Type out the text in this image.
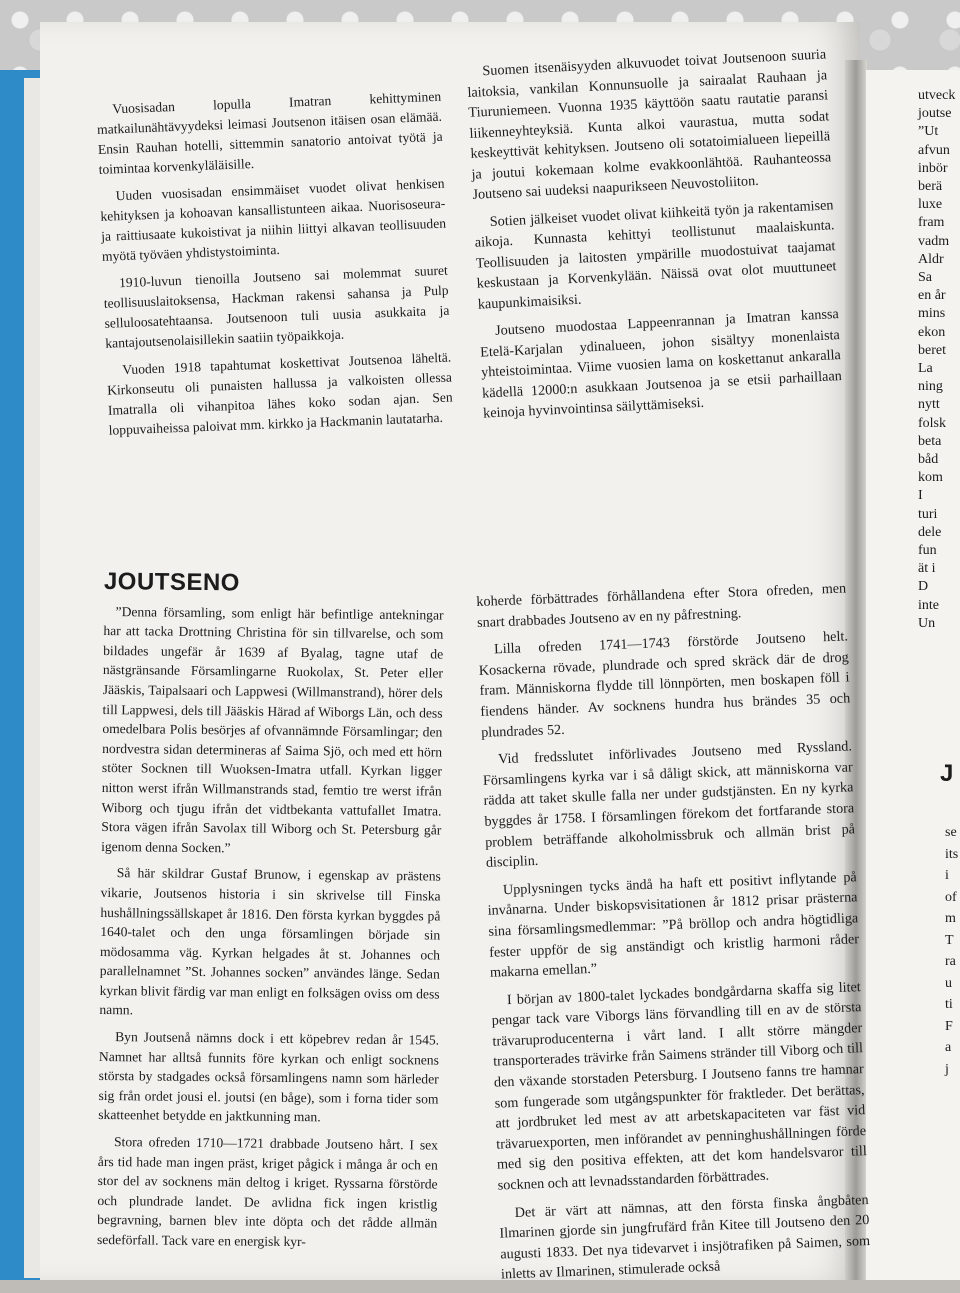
Vuosisadan lopulla Imatran kehittyminen matkailunähtävyydeksi leimasi Joutsenon itäisen osan elämää. Ensin Rauhan hotelli, sittemmin sanatorio antoivat työtä ja toimintaa korvenkyläläisille.

Uuden vuosisadan ensimmäiset vuodet olivat henkisen kehityksen ja kohoavan kansallistunteen aikaa. Nuorisoseura- ja raittiusaate kukoistivat ja niihin liittyi alkavan teollisuuden myötä työväen yhdistystoiminta.

1910-luvun tienoilla Joutseno sai molemmat suuret teollisuuslaitoksensa, Hackman rakensi sahansa ja Pulp selluloosatehtaansa. Joutsenoon tuli uusia asukkaita ja kantajoutsenolaisillekin saatiin työpaikkoja.

Vuoden 1918 tapahtumat koskettivat Joutsenoa läheltä. Kirkonseutu oli punaisten hallussa ja valkoisten ollessa Imatralla oli vihanpitoa lähes koko sodan ajan. Sen loppuvaiheissa paloivat mm. kirkko ja Hackmanin lautatarha.

Suomen itsenäisyyden alkuvuodet toivat Joutsenoon suuria laitoksia, vankilan Konnunsuolle ja sairaalat Rauhaan ja Tiuruniemeen. Vuonna 1935 käyttöön saatu rautatie paransi liikenneyhteyksiä. Kunta alkoi vaurastua, mutta sodat keskeyttivät kehityksen. Joutseno oli sotatoimialueen liepeillä ja joutui kokemaan kolme evakkoonlähtöä. Rauhanteossa Joutseno sai uudeksi naapurikseen Neuvostoliiton.

Sotien jälkeiset vuodet olivat kiihkeitä työn ja rakentamisen aikoja. Kunnasta kehittyi teollistunut maalaiskunta. Teollisuuden ja laitosten ympärille muodostuivat taajamat keskustaan ja Korvenkylään. Näissä ovat olot muuttuneet kaupunkimaisiksi.

Joutseno muodostaa Lappeenrannan ja Imatran kanssa Etelä-Karjalan ydinalueen, johon sisältyy monenlaista yhteistoimintaa. Viime vuosien lama on koskettanut ankaralla kädellä 12000:n asukkaan Joutsenoa ja se etsii parhaillaan keinoja hyvinvointinsa säilyttämiseksi.

JOUTSENO

”Denna församling, som enligt här befintlige antekningar har att tacka Drottning Christina för sin tillvarelse, och som bildades ungefär år 1639 af Byalag, tagne utaf de nästgränsande Församlingarne Ruokolax, St. Peter eller Jääskis, Taipalsaari och Lappwesi (Willmanstrand), hörer dels till Lappwesi, dels till Jääskis Härad af Wiborgs Län, och dess omedelbara Polis besörjes af ofvannämnde Församlingar; den nordvestra sidan determineras af Saima Sjö, och med ett hörn stöter Socknen till Wuoksen-Imatra utfall. Kyrkan ligger nitton werst ifrån Willmanstrands stad, femtio tre werst ifrån Wiborg och tjugu ifrån det vidtbekanta vattufallet Imatra. Stora vägen ifrån Savolax till Wiborg och St. Petersburg går igenom denna Socken.”

Så här skildrar Gustaf Brunow, i egenskap av prästens vikarie, Joutsenos historia i sin skrivelse till Finska hushållningssällskapet år 1816. Den första kyrkan byggdes på 1640-talet och den unga församlingen började sin mödosamma väg. Kyrkan helgades åt st. Johannes och parallelnamnet ”St. Johannes socken” användes länge. Sedan kyrkan blivit färdig var man enligt en folksägen oviss om dess namn.

Byn Joutsenå nämns dock i ett köpebrev redan år 1545. Namnet har alltså funnits före kyrkan och enligt socknens största by stadgades också församlingens namn som härleder sig från ordet jousi el. joutsi (en båge), som i forna tider som skatteenhet betydde en jaktkunning man.

Stora ofreden 1710—1721 drabbade Joutseno hårt. I sex års tid hade man ingen präst, kriget pågick i många år och en stor del av socknens män deltog i kriget. Ryssarna förstörde och plundrade landet. De avlidna fick ingen kristlig begravning, barnen blev inte döpta och det rådde allmän sedeförfall. Tack vare en energisk kyr-

koherde förbättrades förhållandena efter Stora ofreden, men snart drabbades Joutseno av en ny påfrestning.

Lilla ofreden 1741—1743 förstörde Joutseno helt. Kosackerna rövade, plundrade och spred skräck där de drog fram. Människorna flydde till lönnpörten, men boskapen föll i fiendens händer. Av socknens hundra hus brändes 35 och plundrades 52.

Vid fredsslutet införlivades Joutseno med Ryssland. Församlingens kyrka var i så dåligt skick, att människorna var rädda att taket skulle falla ner under gudstjänsten. En ny kyrka byggdes år 1758. I församlingen förekom det fortfarande stora problem beträffande alkoholmissbruk och allmän brist på disciplin.

Upplysningen tycks ändå ha haft ett positivt inflytande på invånarna. Under biskopsvisitationen år 1812 prisar prästerna sina församlingsmedlemmar: ”På bröllop och andra högtidliga fester uppför de sig anständigt och kristlig harmoni råder makarna emellan.”

I början av 1800-talet lyckades bondgårdarna skaffa sig litet pengar tack vare Viborgs läns förvandling till en av de största trävaruproducenterna i vårt land. I allt större mängder transporterades trävirke från Saimens stränder till Viborg och till den växande storstaden Petersburg. I Joutseno fanns tre hamnar som fungerade som utgångspunkter för fraktleder. Det berättas, att jordbruket led mest av att arbetskapaciteten var fäst vid trävaruexporten, men införandet av penninghushållningen förde med sig den positiva effekten, att det kom handelsvaror till socknen och att levnadsstandarden förbättrades.

Det är värt att nämnas, att den första finska ångbåten Ilmarinen gjorde sin jungfrufärd från Kitee till Joutseno den 20 augusti 1833. Det nya tidevarvet i insjötrafiken på Saimen, som inletts av Ilmarinen, stimulerade också

utveck
joutse
”Ut
afvun
inbör
berä
luxe
fram
vadm
Aldr
Sa
en år
mins
ekon
beret
La
ning
nytt
folsk
beta
båd
kom
I
turi
dele
fun
ät i
D
inte
Un
se
its
i
of
m
T
ra
u
ti
F
a
j
J
